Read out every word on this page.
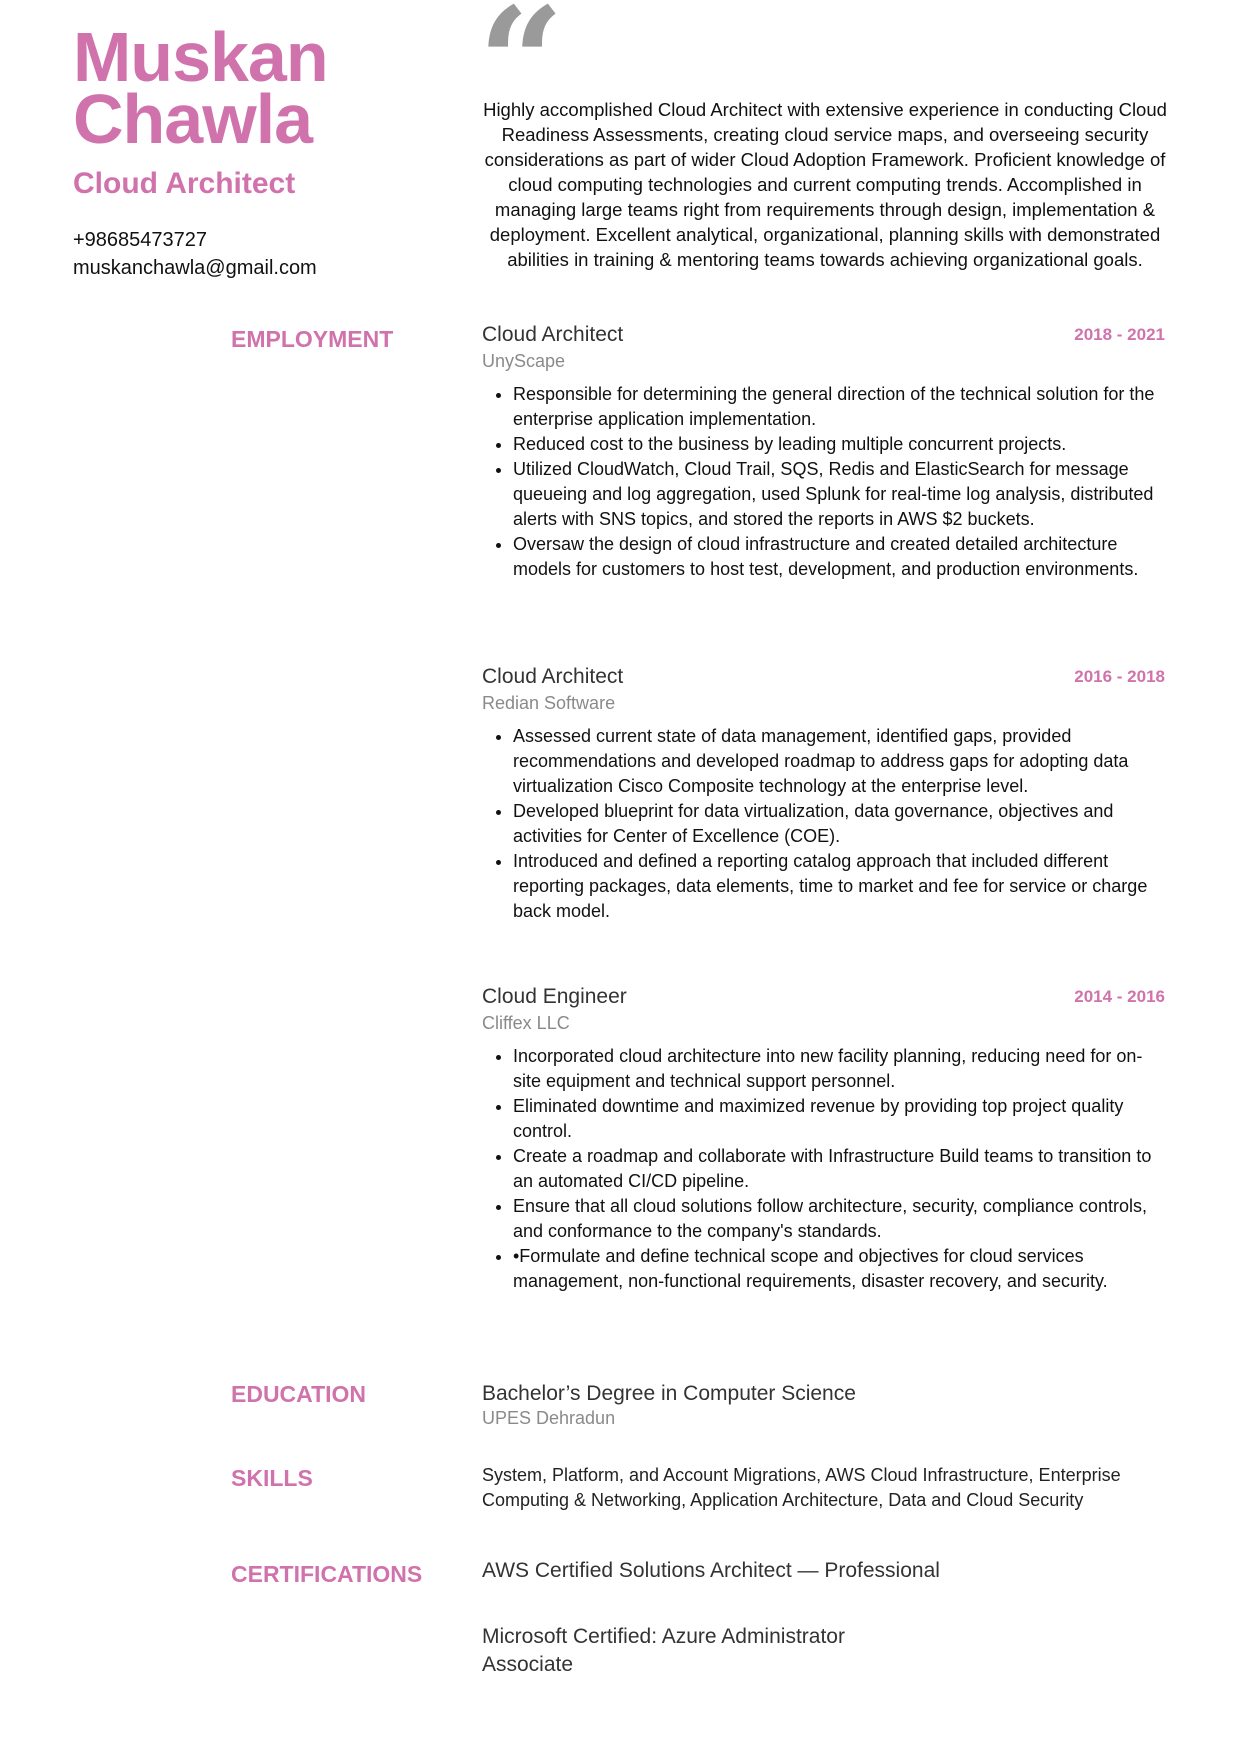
Muskan
Chawla
Cloud Architect
+98685473727
muskanchawla@gmail.com
“
Highly accomplished Cloud Architect with extensive experience in conducting Cloud Readiness Assessments, creating cloud service maps, and overseeing security considerations as part of wider Cloud Adoption Framework. Proficient knowledge of cloud computing technologies and current computing trends. Accomplished in managing large teams right from requirements through design, implementation & deployment. Excellent analytical, organizational, planning skills with demonstrated abilities in training & mentoring teams towards achieving organizational goals.
EMPLOYMENT	Cloud Architect	2018 - 2021
UnyScape
• Responsible for determining the general direction of the technical solution for the enterprise application implementation.
• Reduced cost to the business by leading multiple concurrent projects.
• Utilized CloudWatch, Cloud Trail, SQS, Redis and ElasticSearch for message queueing and log aggregation, used Splunk for real-time log analysis, distributed alerts with SNS topics, and stored the reports in AWS $2 buckets.
• Oversaw the design of cloud infrastructure and created detailed architecture models for customers to host test, development, and production environments.
Cloud Architect	2016 - 2018
Redian Software
• Assessed current state of data management, identified gaps, provided recommendations and developed roadmap to address gaps for adopting data virtualization Cisco Composite technology at the enterprise level.
• Developed blueprint for data virtualization, data governance, objectives and activities for Center of Excellence (COE).
• Introduced and defined a reporting catalog approach that included different reporting packages, data elements, time to market and fee for service or charge back model.
Cloud Engineer	2014 - 2016
Cliffex LLC
• Incorporated cloud architecture into new facility planning, reducing need for on-site equipment and technical support personnel.
• Eliminated downtime and maximized revenue by providing top project quality control.
• Create a roadmap and collaborate with Infrastructure Build teams to transition to an automated CI/CD pipeline.
• Ensure that all cloud solutions follow architecture, security, compliance controls, and conformance to the company's standards.
• •Formulate and define technical scope and objectives for cloud services management, non-functional requirements, disaster recovery, and security.
EDUCATION	Bachelor’s Degree in Computer Science
UPES Dehradun
SKILLS	System, Platform, and Account Migrations, AWS Cloud Infrastructure, Enterprise Computing & Networking, Application Architecture, Data and Cloud Security
CERTIFICATIONS	AWS Certified Solutions Architect — Professional
Microsoft Certified: Azure Administrator Associate
